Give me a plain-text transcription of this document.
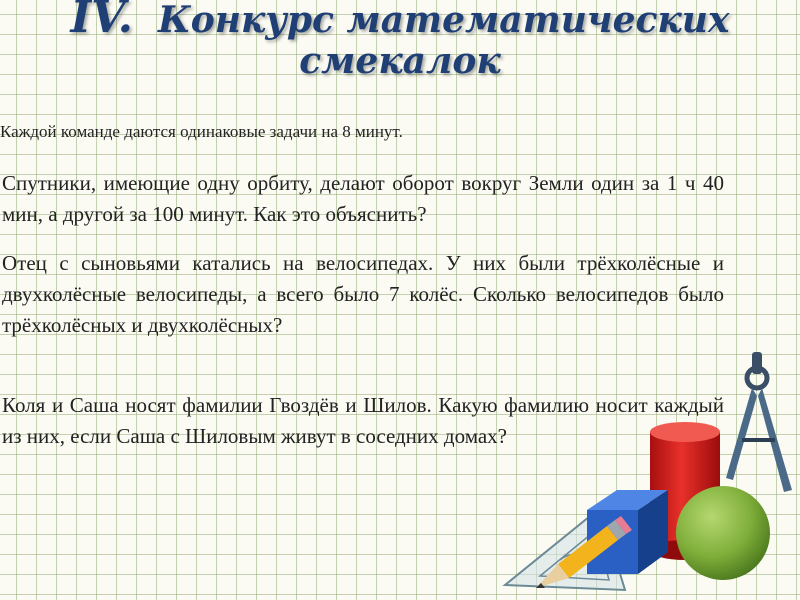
IV. Конкурс математических
смекалок
Каждой команде даются одинаковые задачи на 8 минут.
Спутники, имеющие одну орбиту, делают оборот вокруг Земли один за 1 ч 40 мин, а другой за 100 минут. Как это объяснить?
Отец с сыновьями катались на велосипедах. У них были трёхколёсные и двухколёсные велосипеды, а всего было 7 колёс. Сколько велосипедов было трёхколёсных и двухколёсных?
Коля и Саша носят фамилии Гвоздёв и Шилов. Какую фамилию носит каждый из них, если Саша с Шиловым живут в соседних домах?
